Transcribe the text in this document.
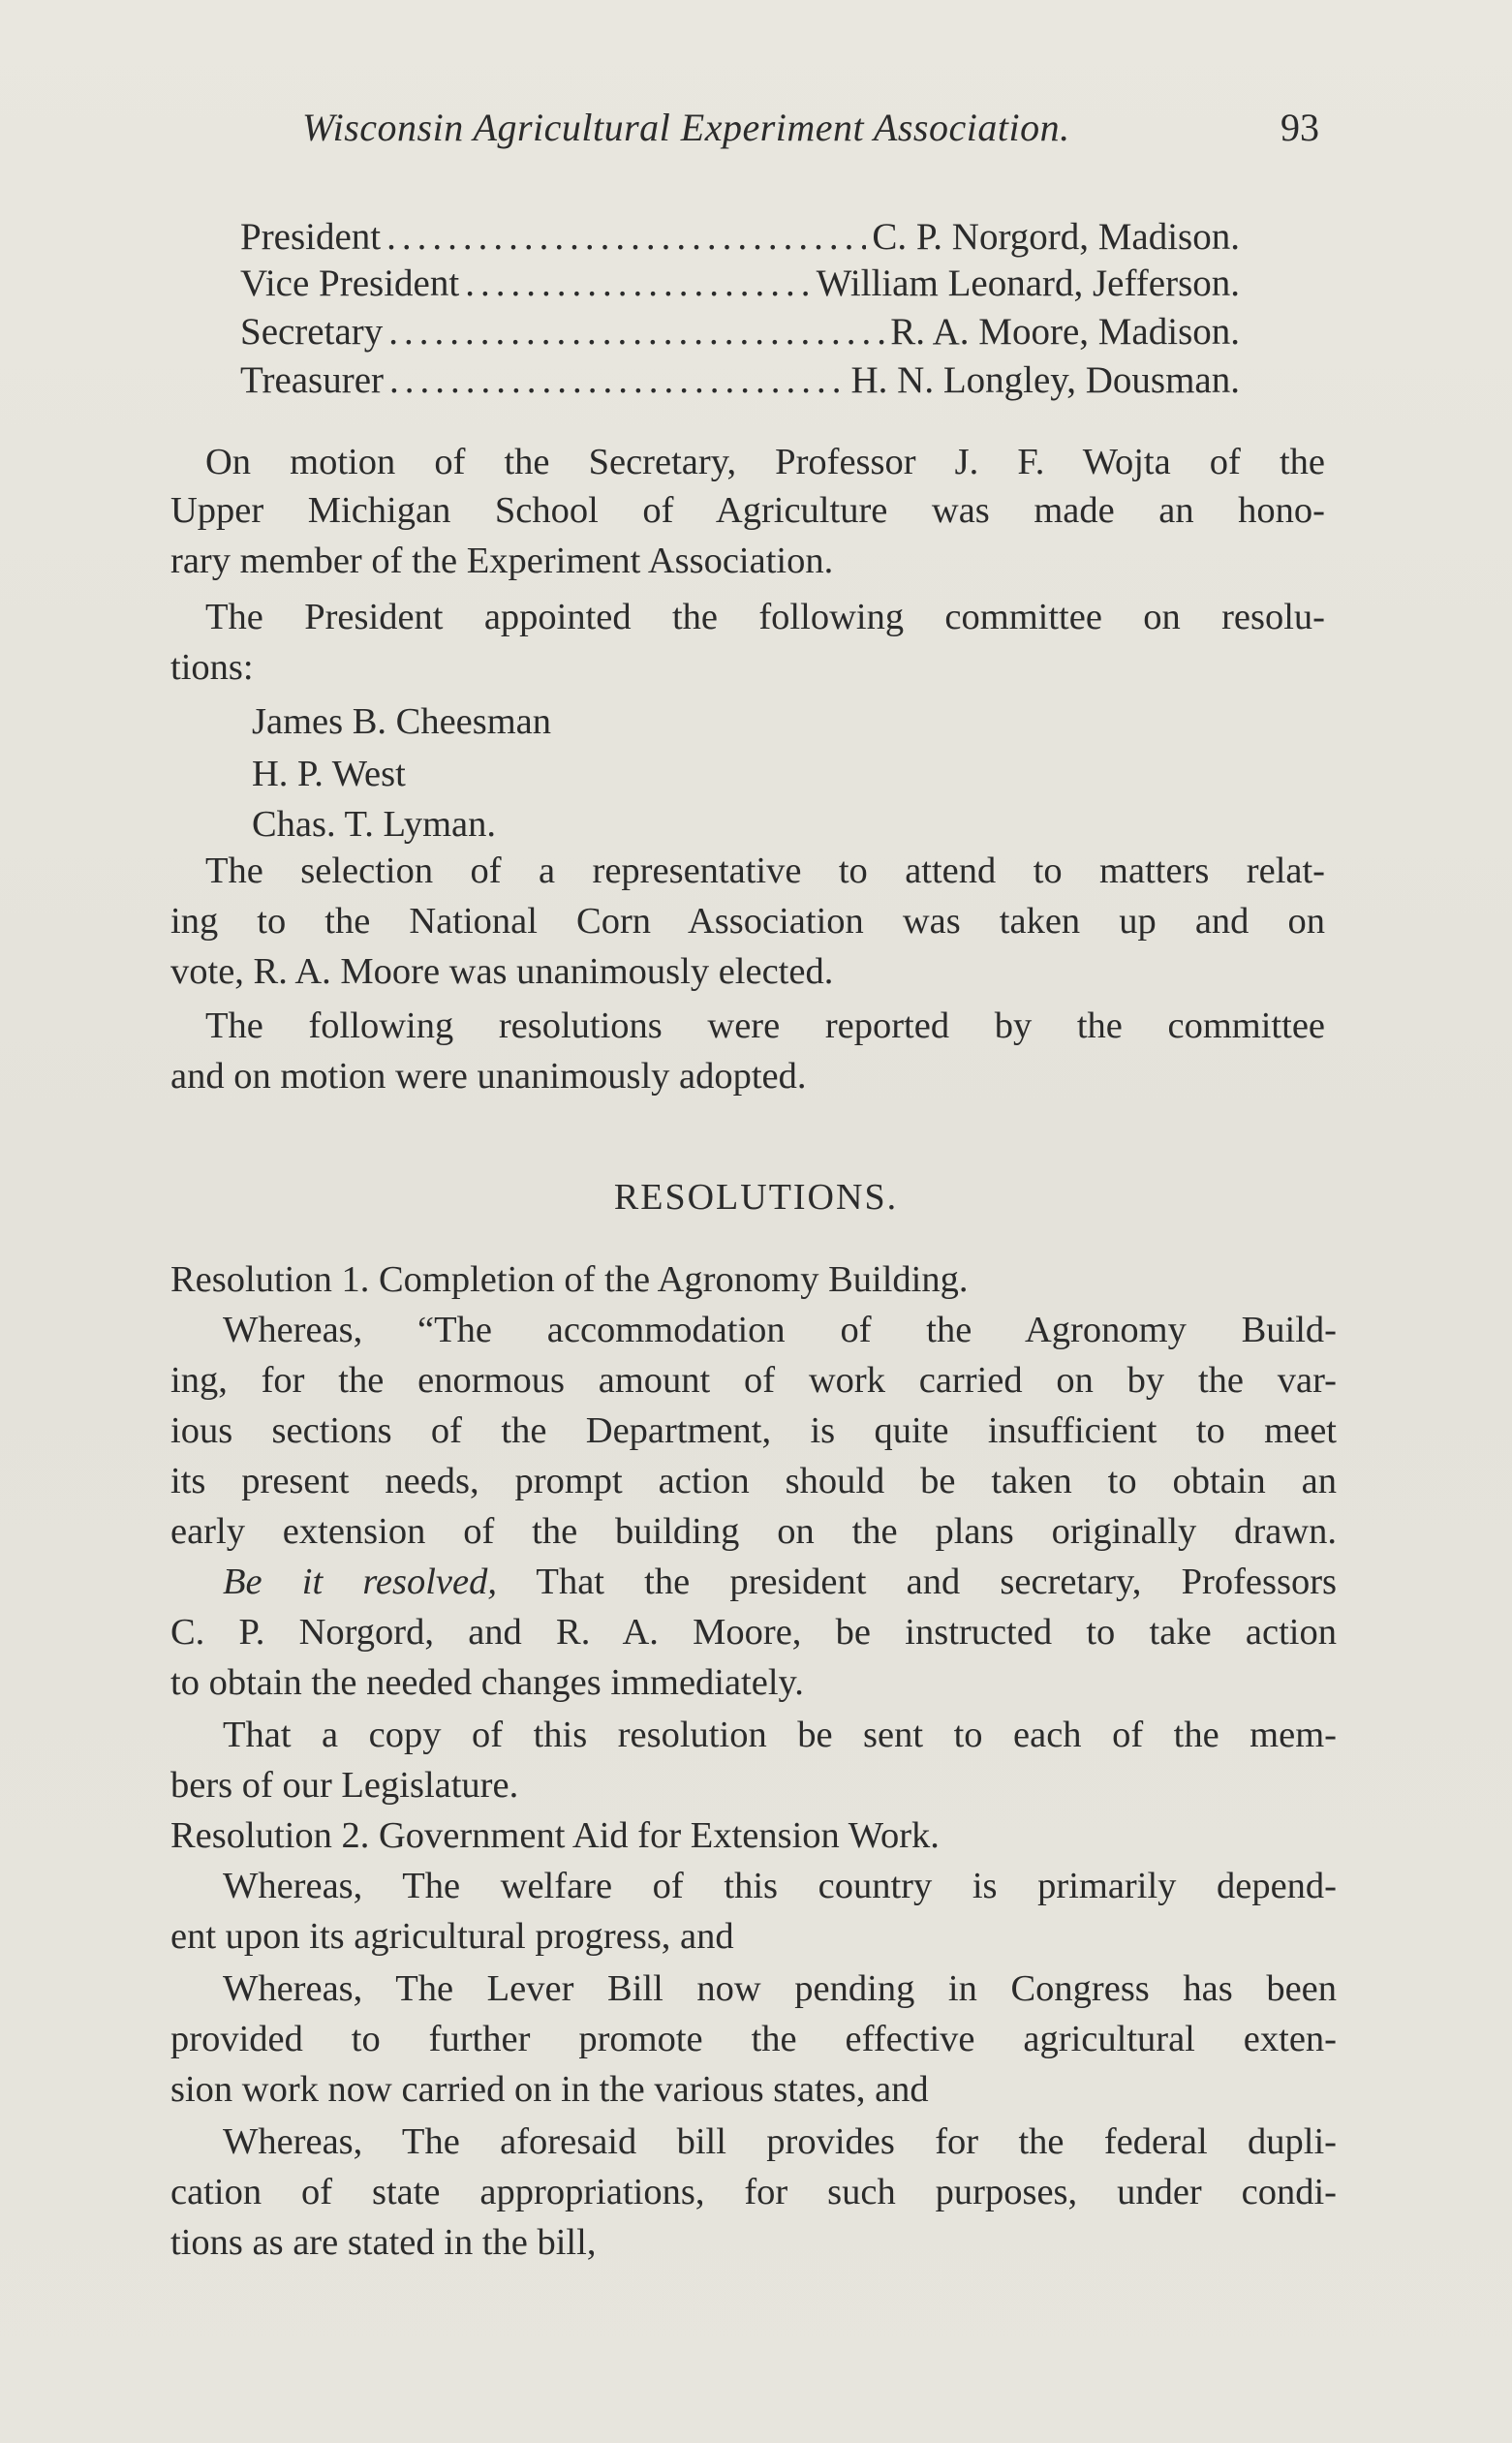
Wisconsin Agricultural Experiment Association.	93
President .....	C. P. Norgord, Madison.
Vice President .....	William Leonard, Jefferson.
Secretary .....	R. A. Moore, Madison.
Treasurer .....	H. N. Longley, Dousman.
On motion of the Secretary, Professor J. F. Wojta of the
Upper Michigan School of Agriculture was made an hono-
rary member of the Experiment Association.
The President appointed the following committee on resolu-
tions:
James B. Cheesman
H. P. West
Chas. T. Lyman.
The selection of a representative to attend to matters relat-
ing to the National Corn Association was taken up and on
vote, R. A. Moore was unanimously elected.
The following resolutions were reported by the committee
and on motion were unanimously adopted.
RESOLUTIONS.
Resolution 1. Completion of the Agronomy Building.
Whereas, “The accommodation of the Agronomy Build-
ing, for the enormous amount of work carried on by the var-
ious sections of the Department, is quite insufficient to meet
its present needs, prompt action should be taken to obtain an
early extension of the building on the plans originally drawn.
Be it resolved, That the president and secretary, Professors
C. P. Norgord, and R. A. Moore, be instructed to take action
to obtain the needed changes immediately.
That a copy of this resolution be sent to each of the mem-
bers of our Legislature.
Resolution 2. Government Aid for Extension Work.
Whereas, The welfare of this country is primarily depend-
ent upon its agricultural progress, and
Whereas, The Lever Bill now pending in Congress has been
provided to further promote the effective agricultural exten-
sion work now carried on in the various states, and
Whereas, The aforesaid bill provides for the federal dupli-
cation of state appropriations, for such purposes, under condi-
tions as are stated in the bill,
